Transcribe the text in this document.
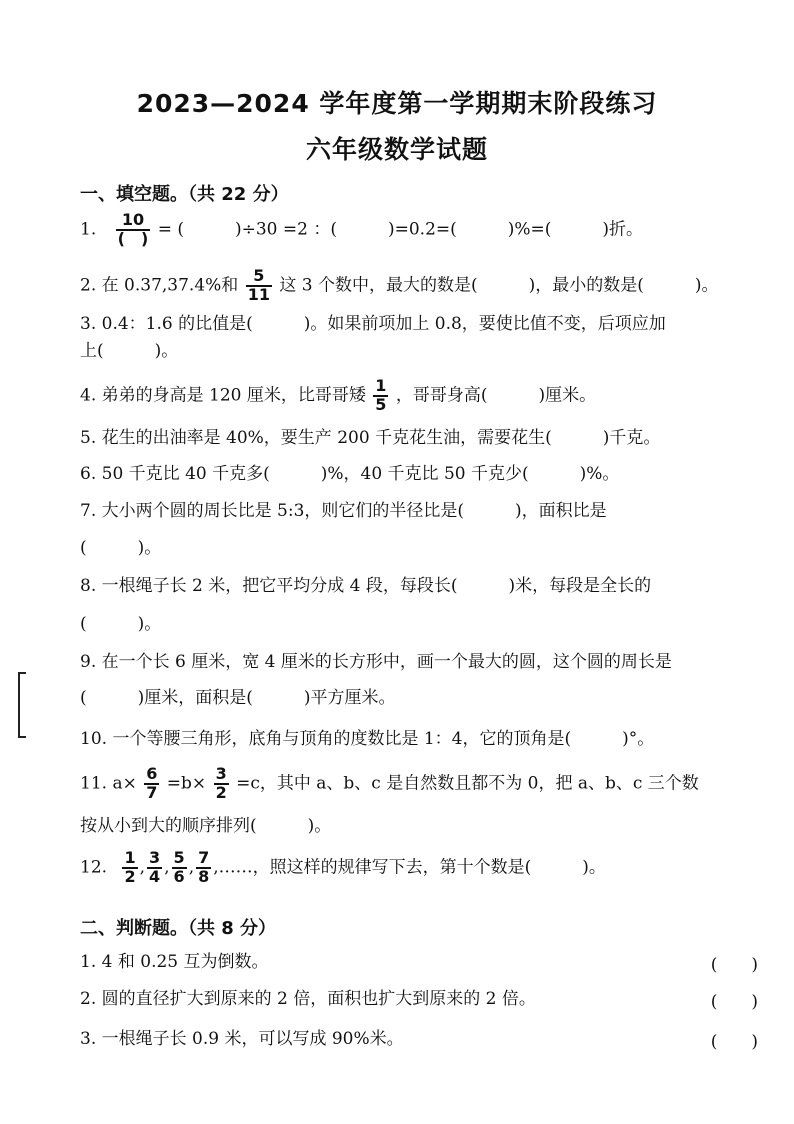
2023—2024 学年度第一学期期末阶段练习
六年级数学试题
一、填空题。（共 22 分）
1. $\frac{10}{( )}$ = (　　　)÷30 =2 ：(　　　)=0.2=(　　　)%=(　　　)折。
2. 在 0.37,37.4%和 $\frac{5}{11}$ 这 3 个数中，最大的数是(　　　)，最小的数是(　　　)。
3. 0.4：1.6 的比值是(　　　)。如果前项加上 0.8，要使比值不变，后项应加
上(　　　)。
4. 弟弟的身高是 120 厘米，比哥哥矮 $\frac{1}{5}$ ，哥哥身高(　　　)厘米。
5. 花生的出油率是 40%，要生产 200 千克花生油，需要花生(　　　)千克。
6. 50 千克比 40 千克多(　　　)%，40 千克比 50 千克少(　　　)%。
7. 大小两个圆的周长比是 5:3，则它们的半径比是(　　　)，面积比是
(　　　)。
8. 一根绳子长 2 米，把它平均分成 4 段，每段长(　　　)米，每段是全长的
(　　　)。
9. 在一个长 6 厘米，宽 4 厘米的长方形中，画一个最大的圆，这个圆的周长是
(　　　)厘米，面积是(　　　)平方厘米。
10. 一个等腰三角形，底角与顶角的度数比是 1：4，它的顶角是(　　　)°。
11. $a\times \frac{6}{7} =b\times \frac{3}{2} =c$，其中 a、b、c 是自然数且都不为 0，把 a、b、c 三个数
按从小到大的顺序排列(　　　)。
12. $\frac{1}{2}$ , $\frac{3}{4}$ , $\frac{5}{6}$ , $\frac{7}{8}$ ,……，照这样的规律写下去，第十个数是(　　　)。
二、判断题。（共 8 分）
1. 4 和 0.25 互为倒数。	(　　)
2. 圆的直径扩大到原来的 2 倍，面积也扩大到原来的 2 倍。	(　　)
3. 一根绳子长 0.9 米，可以写成 90%米。	(　　)
